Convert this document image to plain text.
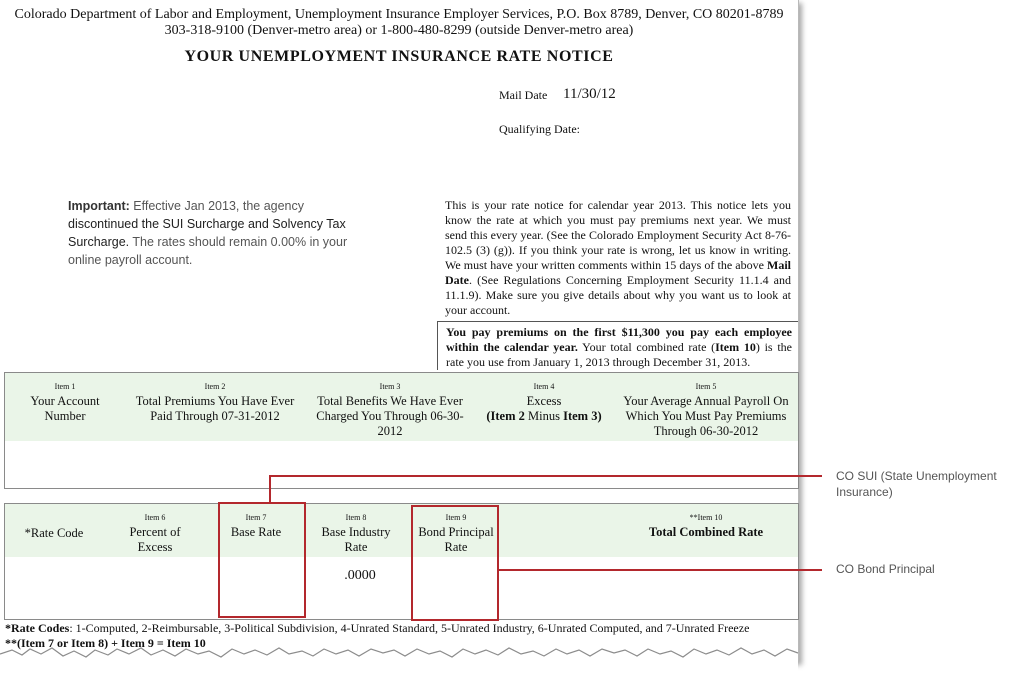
Colorado Department of Labor and Employment, Unemployment Insurance Employer Services, P.O. Box 8789, Denver, CO 80201-8789
303-318-9100 (Denver-metro area) or 1-800-480-8299 (outside Denver-metro area)
YOUR UNEMPLOYMENT INSURANCE RATE NOTICE
Mail Date 11/30/12
Qualifying Date:
Important: Effective Jan 2013, the agency discontinued the SUI Surcharge and Solvency Tax Surcharge. The rates should remain 0.00% in your online payroll account.
This is your rate notice for calendar year 2013. This notice lets you know the rate at which you must pay premiums next year. We must send this every year. (See the Colorado Employment Security Act 8-76-102.5 (3) (g)). If you think your rate is wrong, let us know in writing. We must have your written comments within 15 days of the above Mail Date. (See Regulations Concerning Employment Security 11.1.4 and 11.1.9). Make sure you give details about why you want us to look at your account.
You pay premiums on the first $11,300 you pay each employee within the calendar year. Your total combined rate (Item 10) is the rate you use from January 1, 2013 through December 31, 2013.
Item 1
Your Account Number
Item 2
Total Premiums You Have Ever Paid Through 07-31-2012
Item 3
Total Benefits We Have Ever Charged You Through 06-30-2012
Item 4
Excess
(Item 2 Minus Item 3)
Item 5
Your Average Annual Payroll On Which You Must Pay Premiums Through 06-30-2012
*Rate Code
Item 6
Percent of Excess
Item 7
Base Rate
Item 8
Base Industry Rate
.0000
Item 9
Bond Principal Rate
**Item 10
Total Combined Rate
*Rate Codes: 1-Computed, 2-Reimbursable, 3-Political Subdivision, 4-Unrated Standard, 5-Unrated Industry, 6-Unrated Computed, and 7-Unrated Freeze
**(Item 7 or Item 8) + Item 9 = Item 10
CO SUI (State Unemployment Insurance)
CO Bond Principal
